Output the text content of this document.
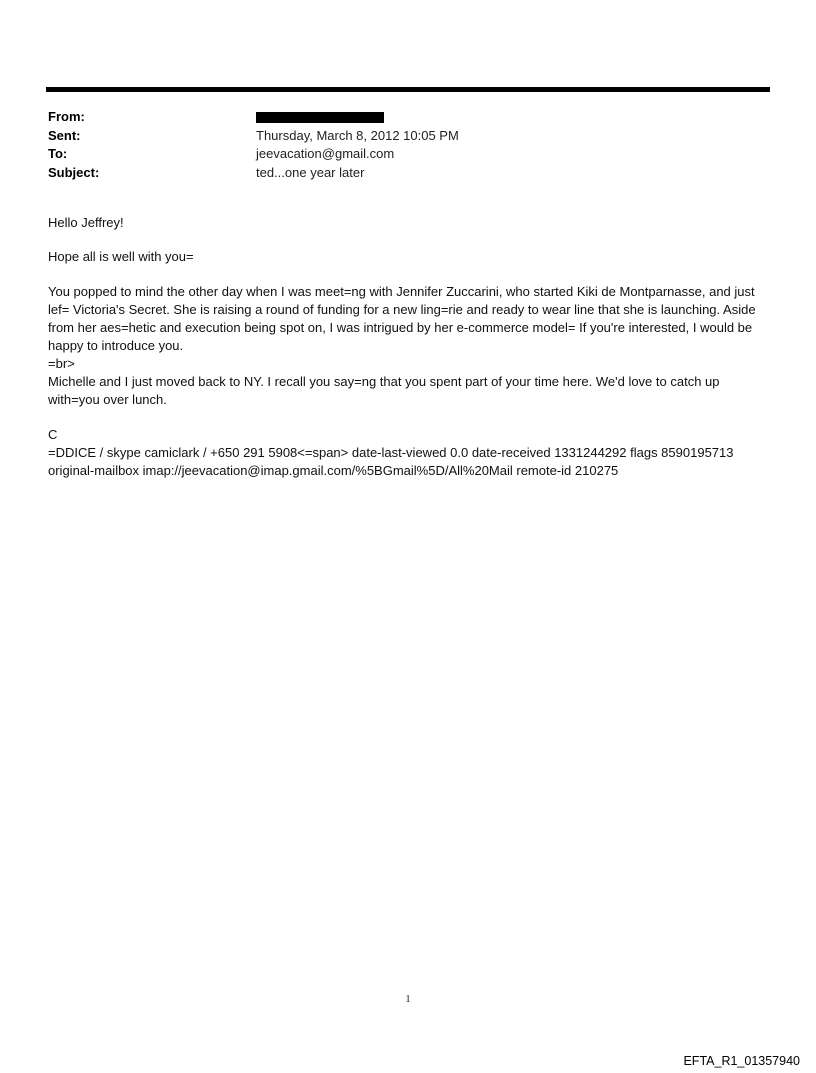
From:
Sent:	Thursday, March 8, 2012 10:05 PM
To:	jeevacation@gmail.com
Subject:	ted...one year later

Hello Jeffrey!

Hope all is well with you=

You popped to mind the other day when I was meet=ng with Jennifer Zuccarini, who started Kiki de Montparnasse, and just lef= Victoria's Secret. She is raising a round of funding for a new ling=rie and ready to wear line that she is launching. Aside from her aes=hetic and execution being spot on, I was intrigued by her e-commerce model= If you're interested, I would be happy to introduce you.

=br>

Michelle and I just moved back to NY. I recall you say=ng that you spent part of your time here. We'd love to catch up with=you over lunch.

C

=DDICE / skype camiclark / +650 291 5908<=span> date-last-viewed 0.0 date-received 1331244292 flags 8590195713

original-mailbox imap://jeevacation@imap.gmail.com/%5BGmail%5D/All%20Mail remote-id 210275

1
EFTA_R1_01357940
